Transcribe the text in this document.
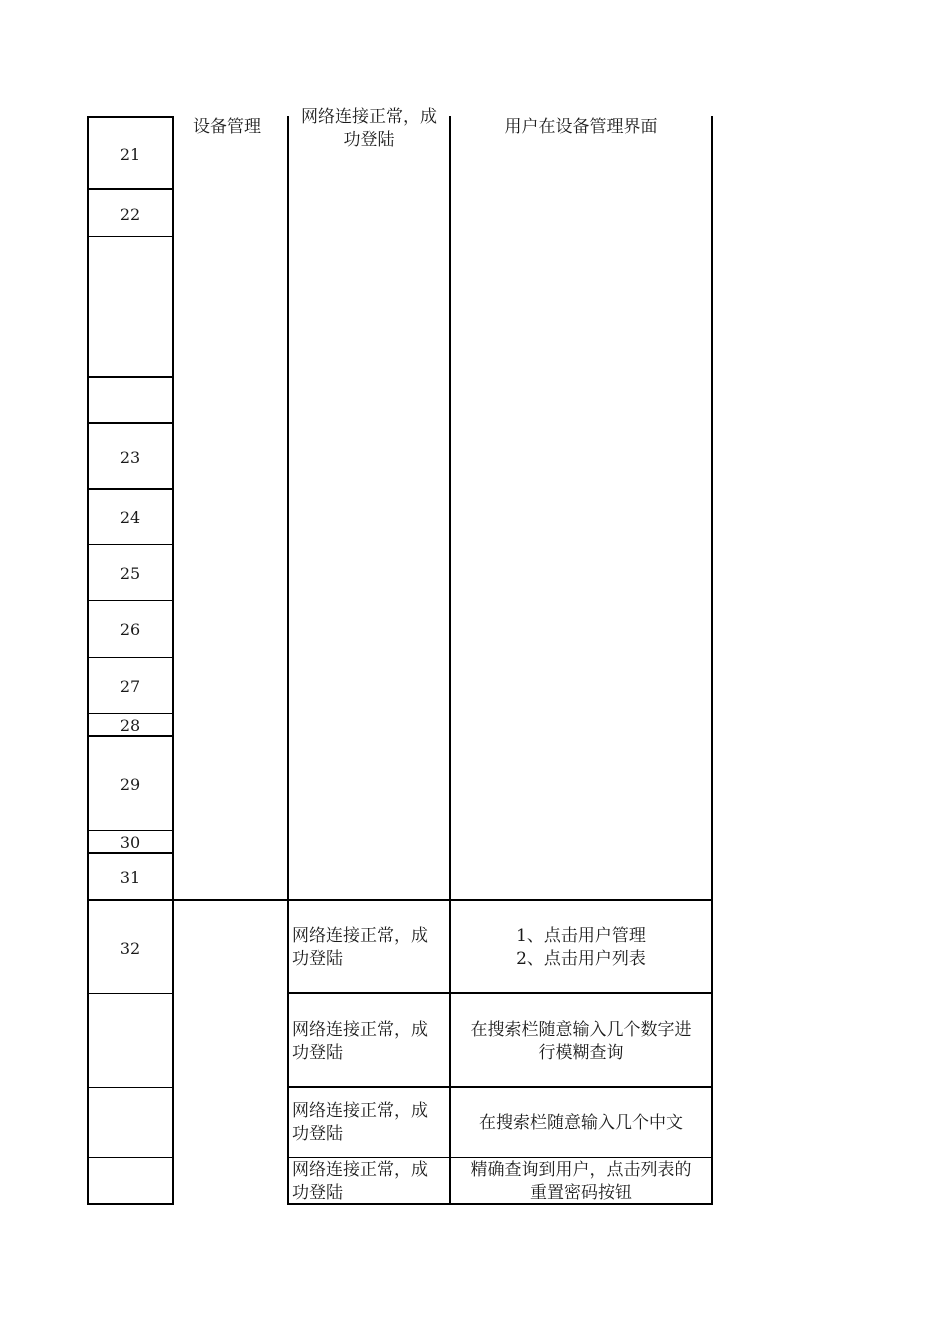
21
22
23
24
25
26
27
28
29
30
31
32
设备管理	网络连接正常，成
功登陆
用户在设备管理界面
网络连接正常，成
功登陆
1、点击用户管理
2、点击用户列表
网络连接正常，成
功登陆
在搜索栏随意输入几个数字进
行模糊查询
网络连接正常，成
功登陆
在搜索栏随意输入几个中文
网络连接正常，成
功登陆
精确查询到用户，点击列表的
重置密码按钮
